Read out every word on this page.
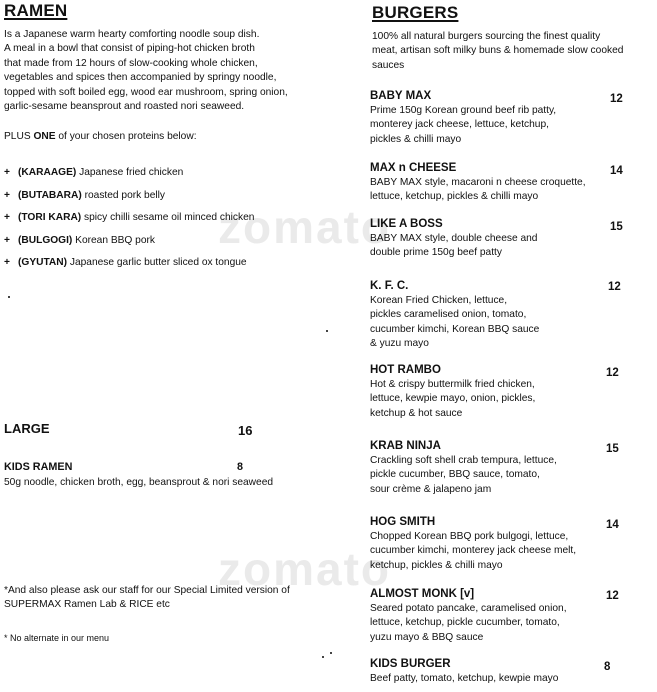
zomato
zomato
RAMEN
Is a Japanese warm hearty comforting noodle soup dish.
A meal in a bowl that consist of piping-hot chicken broth
that made from 12 hours of slow-cooking whole chicken,
vegetables and spices then accompanied by springy noodle,
topped with soft boiled egg, wood ear mushroom, spring onion,
garlic-sesame beansprout and roasted nori seaweed.
PLUS ONE of your chosen proteins below:
+ (KARAAGE) Japanese fried chicken
+ (BUTABARA) roasted pork belly
+ (TORI KARA) spicy chilli sesame oil minced chicken
+ (BULGOGI) Korean BBQ pork
+ (GYUTAN) Japanese garlic butter sliced ox tongue
LARGE	16
KIDS RAMEN	8
50g noodle, chicken broth, egg, beansprout & nori seaweed
*And also please ask our staff for our Special Limited version of
SUPERMAX Ramen Lab & RICE etc
* No alternate in our menu
BURGERS
100% all natural burgers sourcing the finest quality
meat, artisan soft milky buns & homemade slow cooked
sauces
BABY MAX	12
Prime 150g Korean ground beef rib patty,
monterey jack cheese, lettuce, ketchup,
pickles & chilli mayo
MAX n CHEESE	14
BABY MAX style, macaroni n cheese croquette,
lettuce, ketchup, pickles & chilli mayo
LIKE A BOSS	15
BABY MAX style, double cheese and
double prime 150g beef patty
K. F. C.	12
Korean Fried Chicken, lettuce,
pickles caramelised onion, tomato,
cucumber kimchi, Korean BBQ sauce
& yuzu mayo
HOT RAMBO	12
Hot & crispy buttermilk fried chicken,
lettuce, kewpie mayo, onion, pickles,
ketchup & hot sauce
KRAB NINJA	15
Crackling soft shell crab tempura, lettuce,
pickle cucumber, BBQ sauce, tomato,
sour crème & jalapeno jam
HOG SMITH	14
Chopped Korean BBQ pork bulgogi, lettuce,
cucumber kimchi, monterey jack cheese melt,
ketchup, pickles & chilli mayo
ALMOST MONK [v]	12
Seared potato pancake, caramelised onion,
lettuce, ketchup, pickle cucumber, tomato,
yuzu mayo & BBQ sauce
KIDS BURGER	8
Beef patty, tomato, ketchup, kewpie mayo
